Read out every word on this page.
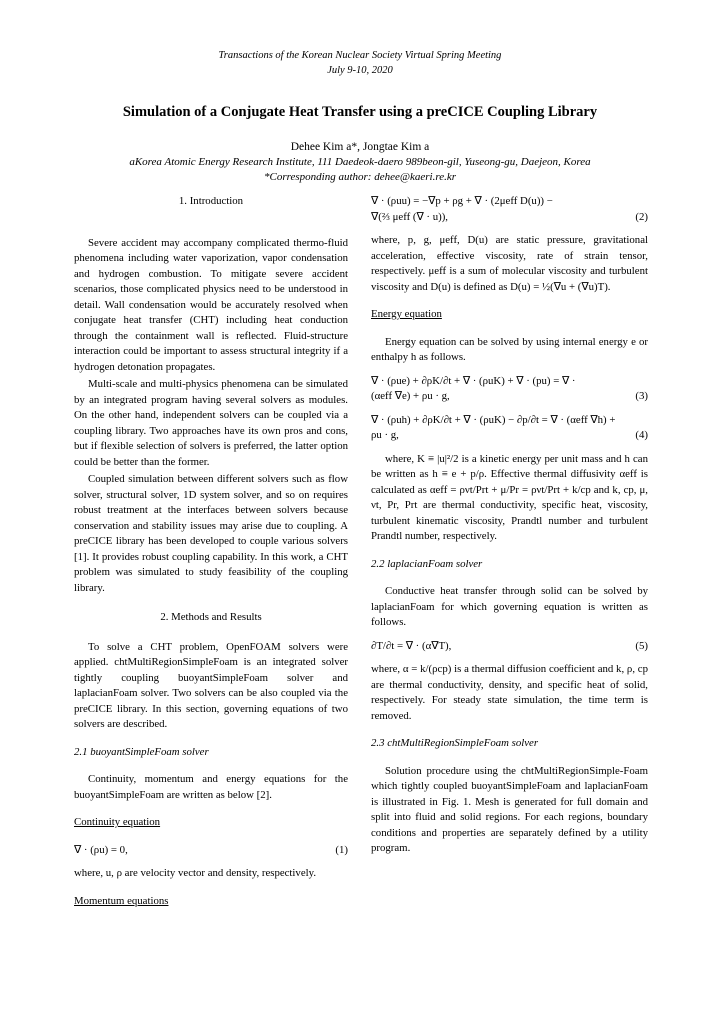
Transactions of the Korean Nuclear Society Virtual Spring Meeting
July 9-10, 2020
Simulation of a Conjugate Heat Transfer using a preCICE Coupling Library
Dehee Kim a*, Jongtae Kim a
aKorea Atomic Energy Research Institute, 111 Daedeok-daero 989beon-gil, Yuseong-gu, Daejeon, Korea
*Corresponding author: dehee@kaeri.re.kr
1. Introduction

Severe accident may accompany complicated thermo-fluid phenomena including water vaporization, vapor condensation and hydrogen combustion. To mitigate severe accident scenarios, those complicated physics need to be understood in detail. Wall condensation would be accurately resolved when conjugate heat transfer (CHT) including heat conduction through the containment wall is reflected. Fluid-structure interaction could be important to assess structural integrity if a hydrogen detonation propagates.

Multi-scale and multi-physics phenomena can be simulated by an integrated program having several solvers as modules. On the other hand, independent solvers can be coupled via a coupling library. Two approaches have its own pros and cons, but if flexible selection of solvers is preferred, the latter option could be better than the former.

Coupled simulation between different solvers such as flow solver, structural solver, 1D system solver, and so on requires robust treatment at the interfaces between solvers because conservation and stability issues may arise due to coupling. A preCICE library has been developed to couple various solvers [1]. It provides robust coupling capability. In this work, a CHT problem was simulated to study feasibility of the coupling library.

2. Methods and Results

To solve a CHT problem, OpenFOAM solvers were applied. chtMultiRegionSimpleFoam is an integrated solver tightly coupling buoyantSimpleFoam solver and laplacianFoam solver. Two solvers can be also coupled via the preCICE library. In this section, governing equations of two solvers are described.

2.1 buoyantSimpleFoam solver

Continuity, momentum and energy equations for the buoyantSimpleFoam are written as below [2].

Continuity equation
∇ · (ρu) = 0,	(1)

where, u, ρ are velocity vector and density, respectively.

Momentum equations
∇ · (ρuu) = −∇p + ρg + ∇ · (2μeff D(u)) −
∇(⅔ μeff (∇ · u)),	(2)

where, p, g, μeff, D(u) are static pressure, gravitational acceleration, effective viscosity, rate of strain tensor, respectively. μeff is a sum of molecular viscosity and turbulent viscosity and D(u) is defined as D(u) = ½(∇u + (∇u)T).

Energy equation

Energy equation can be solved by using internal energy e or enthalpy h as follows.

∇ · (ρue) + ∂ρK/∂t + ∇ · (ρuK) + ∇ · (pu) = ∇ ·
(αeff ∇e) + ρu · g,	(3)
∇ · (ρuh) + ∂ρK/∂t + ∇ · (ρuK) − ∂p/∂t = ∇ · (αeff ∇h) +
ρu · g,	(4)

where, K ≡ |u|²/2 is a kinetic energy per unit mass and h can be written as h ≡ e + p/ρ. Effective thermal diffusivity αeff is calculated as αeff = ρνt/Prt + μ/Pr = ρνt/Prt + k/cp and k, cp, μ, νt, Pr, Prt are thermal conductivity, specific heat, viscosity, turbulent kinematic viscosity, Prandtl number and turbulent Prandtl number, respectively.

2.2 laplacianFoam solver

Conductive heat transfer through solid can be solved by laplacianFoam for which governing equation is written as follows.

∂T/∂t = ∇ · (α∇T),	(5)

where, α = k/(ρcp) is a thermal diffusion coefficient and k, ρ, cp are thermal conductivity, density, and specific heat of solid, respectively. For steady state simulation, the time term is removed.

2.3 chtMultiRegionSimpleFoam solver

Solution procedure using the chtMultiRegionSimple-Foam which tightly coupled buoyantSimpleFoam and laplacianFoam is illustrated in Fig. 1. Mesh is generated for full domain and split into fluid and solid regions. For each regions, boundary conditions and properties are separately defined by a utility program.
